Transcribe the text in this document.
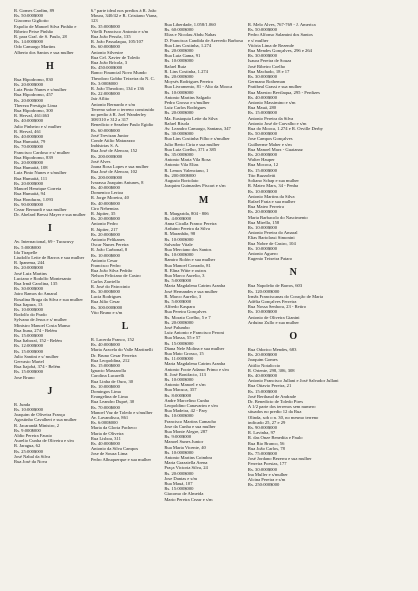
R. Gomes Cardim, 89
Rs. 50:000$000
Giacomo Gigliotto
Espolio de Manoel Silva Pinhão e
Ribeiro Peixe Pinhão
R. para Graf. de S. Paulo, 28
Rs. 14:000$000
Odo Camargo Martins
Alberto dos Santos e sua mulher
H
Rua Hipodromo, 830
Rs. 20:000$000
Luiz Pinto Nunes e s/mulher
Rua Hipodromo, 457
Rs. 20:000$000
Thereza Prestigio Lima
Rua Hipodromo, 300
R. Herval, 461/463
Rs. 40:000$000
Julio Pinheiro e s/ mulher
R. Herval, 461
Rs. 40:000$000
Rua Humaitá, 79
Rs. 70:000$000
Francisco Cardoso e s/ mulher
Rua Hipodromo, 839
Rs. 20:000$000
Rua Humaitá, 108
Luiz Pinto Nunes e s/mulher
Rua Humaitá, 111
Rs. 20:000$000
Manoel Henrique Correia
Rua Humaitá, 94
Rua Honduras, 1.093
Rs. 90:000$000
Cezar Bernardi e sua mulher
Dr. Abelard Bressi Mayer e sua mulher
I
Av. Internacional, 69 - Tucuruvy
Rs. 5:000$000
Ida Tirapelle
Liudolfo Leite de Barros e sua mulher
R. Ipanema, 244
Rs. 20:000$000
José Luiz Martins
Luciano e Rodolfo Montesanto
Rua Irmã Carolina, 135
Rs. 30:000$000
Jairo Ramos do Amaral
Rosalina Braga da Silva e sua mulher
Rua Itapura, 13
Rs. 10:000$000
Rodolfo do Prado
Sylvano de Jesus e s/ mulher
Ministro Manoel Costa Manso
Rua Ituna, 274 - Belém
Rs. 15:000$000
Rua Itaboraí, 152 - Belém
Rs. 12:000$000
Rs. 15:000$000
Julio Santini e s/ mulher
Gervasio Martel
Rua Itajobá, 374 - Belém
Rs. 15:000$000
Jose Bruno
J
R. Junda
Rs. 10:000$000
Joaquim de Oliveira França
Agostinho Cavalheri e sua mulher
R. Jacarandá Ministro, 2
Rs. 9:000$000
Aldio Pereira Fausto
Aurelio Cunha de Oliveira e s/m
R. Jaragua, 62
Rs. 25:000$000
José Nabal da Silva
Rua José da Nova
6.º parte ideal nos predios à R. João
Moura, 340/42 e R. Cristiano Viana,
123
Rs. 35:000$000
Vitelli Francisco Antonio e s/m
Rua João Pessôa, 135
R. João Passalaqua, 105/107
Rs. 60:000$000
Antonio Silvestre
Rua Cel. Xavier de Toledo
Rua João Brícola, 3
Rs. 450:000$000
Banco Financial Novo Mundo
Theodoro Gobbo Teixeira da N. C.
Rs. 3:000$000
R. João Theodoro, 134 e 136
Rs. 22:000$000
Jair Aflito
Antonio Bernardo e s/m
Terreno sobre o terreno construido
no predio à R. Joel Wanderley
308/310 e 312 a 317
Benedicto e Sezaber Paulo Egidio
Rs. 60:000$000
José Trevizan Junior
Conde Atilio Matarazzo
Indústrias S. A.
Rua José de Alencar, 152
Rs. 200:000$000
José Alves
Joana Rosa Lopes e sua mulher
Rua José de Alencar, 102
Rs. 200:000$000
Ivarassa Joaquim Antunes, 8
Rs. 40:000$000
Domenico Lerioa
R. Jorge Moreira, 40
Rs. 40:000$000
Ciro Nehemias
R. Júpiter, 35
Rs. 20:000$000
Antonio Pedro
R. Júpiter, 217
Rs. 20:000$000
Antonio Pelikanes
Oscar Nunes Pereira
R. João Carbonal, 8
Rs. 10:000$000
Antonio Cesar
Francisco Pedro
Rua João Silva Pedrão
Nelson Feliciano de Castro
Carlos Zarriello
R. José do Patrocinio
Rs. 30:000$000
Lucia Rodrigues
Rua Júlio Cesar
Rs. 300:000$000
Vito Bruno e s/m
L
R. Lacerda Franco, 152
Rs. 40:000$000
Maria Aracela do Valle Martinelli
Dr. Bruno Cesar Ferreira
Rua Leopoldina, 212
Rs. 15:000$000
Ignacio Massarolla
Carolina Lucarelli
Rua Linha de Ouro, 30
Rs. 10:000$000
Domingos Lima
Evangelina de Lima
Rua Leandro Dupré, 30
Rs. 70:000$000
Manoel Vaz de Toledo e s/mulher
Av. Lavandisca, 861
Rs. 6:000$000
Maria da Gloria Pacheco
Maria de Oliveira
Rua Lisboa, 311
Rs. 40:000$000
Antonio da Silva Campos
Jose de Souza Lima
Pedro Albuquerque e sua mulher
Rua Liberdade, 1.058/1.060
Rs. 60:000$000
Elias e Nicolau Abdu Nahas
D. Francisca Candida de Azevedo Barbosa
Rua Lins Costinha, 1.274
Rs. 20:000$000
Rua Luiz Gama, 91
Rs. 10:000$000
Rafael Ruiz
R. Lins Costinha, 1.274
Rs. 20:000$000
Moysés Rodrigues Pereira
Rua Livramento, 81 - Alto da Mooca
Rs. 10:000$000
Antonio Martins Salgado
Pedro Grosso e s/mulher
Luiz Carlos Rodrigues
Rs. 20:000$000
Ma. Eustaquia Leite da Silva
Rafael Risola
Av. Leandro Camargo, Santana, 347
Rs. 30:000$000
Rua Lins Costinha Filho e s/mulher
Julio Berto Ciria e sua mulher
Rua Luiz Coelho, 371 a 385
Rs. 35:000$000
Antonio Maria Vila Rosa
Antonio Vila Elias
R. Lemos Valenciano, 1
Rs. 200:000$000
Augusto Bortolato
Joaquim Guimarães Piscart e s/m
M
R. Margarida, 804 - 806
Rs. 4:000$000
Anna Cicalla Franco Pereira
Arduino Pereira da Silva
R. Maranhão, 98
Rs. 10:000$000
Salvador Vitale
Rua Merciano dos Santos
Rs. 10:000$000
Ramiro Rolón e sua mulher
Rua Manoel Conrado, 81
R. Elina Witte e outros
Rua Marco Aurelio, 3
Rs. 5:000$000
Maria Magdalena Catrim Aranha
José Hernandes e sua mulher
R. Marco Aurelio, 3
Rs. 5:000$000
Alfredo Kaspara
Rua Pereira Gonçalves
Rs. Morato Coelho, 5 e 7
Rs. 20:000$000
José Palumbo
Luiz Antonio e Francisco Peroni
Rua Massa, 55 e 57
Rs. 15:000$000
Diana Nele Molina e sua mulher
Rua Mato Grosso, 15
Rs. 11:000$000
Maria Magdalena Catrim Aranha
Antonio Foote Adamo Primo e s/m
R. José Bonifacio, 113
Rs. 10:000$000
Antonio Manoel e s/m
Rua Macuca, 357
Rs. 8:000$000
Andre Marcelino Cunha
Leopoldino Canavarim e s/m
Rua Madeira, 42 - Pary
Rs. 10:000$000
Francisco Martins Camacho
Jose da Cunha e sua mulher
Rua Monte Alegre, 287
Rs. 9:000$000
Manoel Sunes Junior
Rua Maria Vicente, 40
Rs. 10:000$000
Antonio Martins Coimbra
Maria Grazziella Arena
Praça Victoria Silva, 24
Rs. 20:000$000
Jose Dantas e s/m
Rua Mauá, 107
Rs. 15:000$000
Giacomo de Almeida
Mario Pereira Cezar e s/m
R. Melo Alves, 767-769 - J. America
Rs. 50:000$000
Pedro Alfonso Salamini dos Santos
e s/ mulher
Vitória Lima de Rezende
Rua Mendes Gonçalves, 296 e 264
Rs. 30:000$000
Isaura Pereira de Souza
José Ribeiro Coelho
Rua Machado, 18 e 17
Rs. 30:000$000
Germano Rotheman
Pratibeal Grassi e sua mulher
Rua Maestro Bevilaqua, 295 - Perdizes
Rs. 40:000$000
Antonio Massimino e s/m
Rua Mauá, 280
Rs. 15:000$000
Antonio Pereira da Silva
Antonio José de Carvalho e s/m
Rua do Mooca, 1.274 e R. Orville Derby
Rs. 50:000$000
Jose Campos Gonçalves
Guilherme Maher e s/m
Rua Manoel Marx - Guaianaz
Rs. 20:000$000
Walter Hauper
Rua Mococa, 12
Rs. 15:000$000
Tito Buzzoletti
Soliano Schap e sua mulher
R. Mateo Marx, 34 - Penha
Rs. 10:000$000
Antonio Martins da Silva
Rafael Fraia e sua mulher
Rua Mateo Ferreira
Rs. 20:000$000
Maria Barbacolo do Nascimento
Rua Mirella, 158
Rs. 10:000$000
Antonio Pereira do Amaral
Elias Bartolassi Simonini
Rua Nobre de Castro, 104
Rs. 10:000$000
Antonio Aguero
Eugenio Teixeira Pataro
N
Rua Napoleão de Barros, 603
Rs. 120:000$000
Irmãs Franciscanas do Coração de Maria
Adélia Gonçalves Ferreira
Rua Nossa Senhora, 23 - Retiro
Rs. 10:000$000
Antonio de Oliveira Gianini
Arduino Zullo e sua mulher
O
Rua Odorico Mendes, 683
Rs. 20:000$000
Joaquim Gomes
Attilio Notaliccio
R. Oriente, 298, 306, 308
Rs. 40:000$000
Antonio Francisco Jullani e José Salvador Jullani
Rua Ottavio Pereira, 21
Rs. 15:000$000
José Berthaud de Andrade
Dr. Benedicto de Toledo Pires
A 1/2 parte dos terrenos sem numero
situados no predio 12 da Rua
Olinda, sob o n. 30, no mesmo terreno
indicado 25, 27 e 29
Rs. 90:000$000
R. Lavinha, 97
R. das Onze Benedita e Paulo
Rua Rio Branco, 56
Rua João Carlos, 78
Rs. 75:000$000
José Jordano Bezerra e sua mulher
Ferreira Poesias, 177
Rs. 30:000$000
Ina Muller e s/mulher
Alcina Pereira e s/m
Rs. 250:000$000
